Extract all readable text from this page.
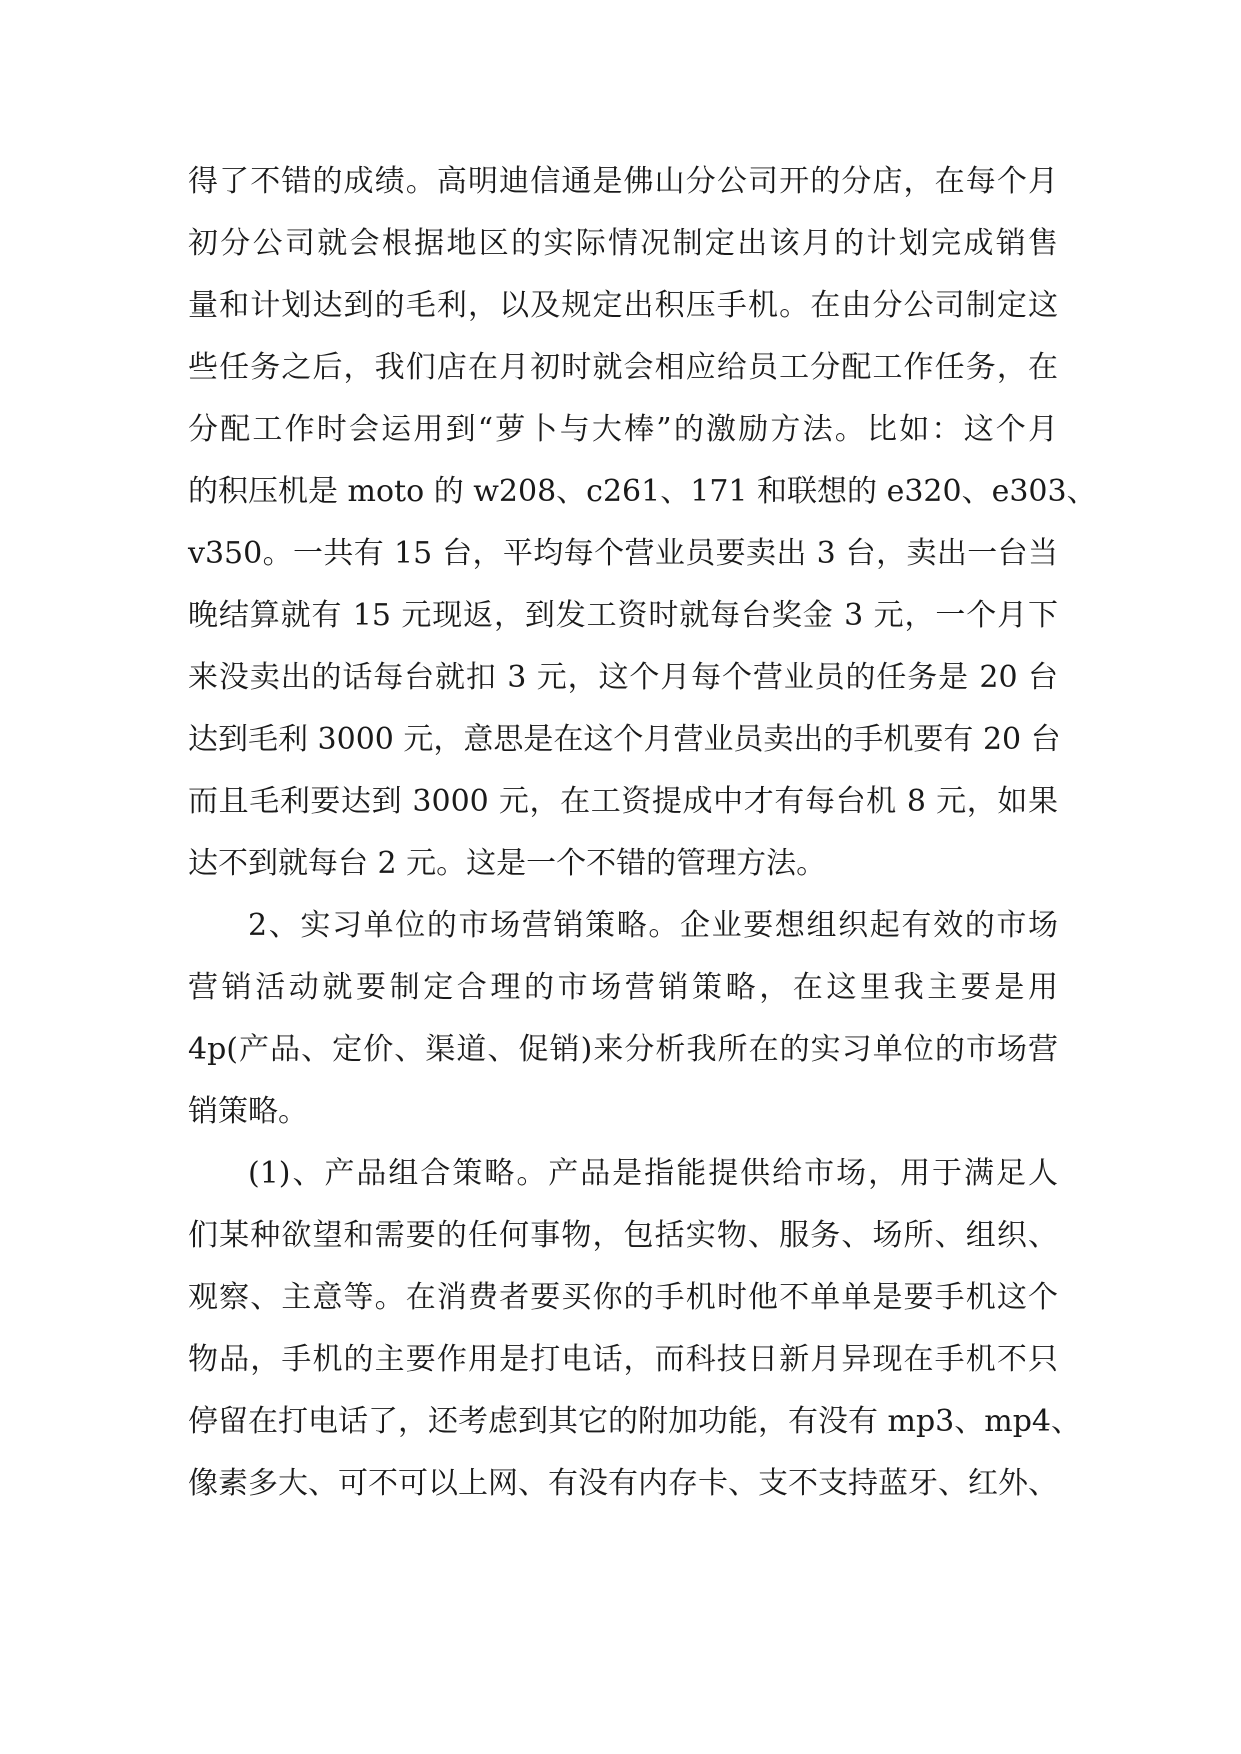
得了不错的成绩。高明迪信通是佛山分公司开的分店，在每个月
初分公司就会根据地区的实际情况制定出该月的计划完成销售
量和计划达到的毛利，以及规定出积压手机。在由分公司制定这
些任务之后，我们店在月初时就会相应给员工分配工作任务，在
分配工作时会运用到“萝卜与大棒”的激励方法。比如：这个月
的积压机是 moto 的 w208、c261、171 和联想的 e320、e303、
v350。一共有 15 台，平均每个营业员要卖出 3 台，卖出一台当
晚结算就有 15 元现返，到发工资时就每台奖金 3 元，一个月下
来没卖出的话每台就扣 3 元，这个月每个营业员的任务是 20 台
达到毛利 3000 元，意思是在这个月营业员卖出的手机要有 20 台
而且毛利要达到 3000 元，在工资提成中才有每台机 8 元，如果
达不到就每台 2 元。这是一个不错的管理方法。
2、实习单位的市场营销策略。企业要想组织起有效的市场
营销活动就要制定合理的市场营销策略，在这里我主要是用
4p(产品、定价、渠道、促销)来分析我所在的实习单位的市场营
销策略。
(1)、产品组合策略。产品是指能提供给市场，用于满足人
们某种欲望和需要的任何事物，包括实物、服务、场所、组织、
观察、主意等。在消费者要买你的手机时他不单单是要手机这个
物品，手机的主要作用是打电话，而科技日新月异现在手机不只
停留在打电话了，还考虑到其它的附加功能，有没有 mp3、mp4、
像素多大、可不可以上网、有没有内存卡、支不支持蓝牙、红外、
